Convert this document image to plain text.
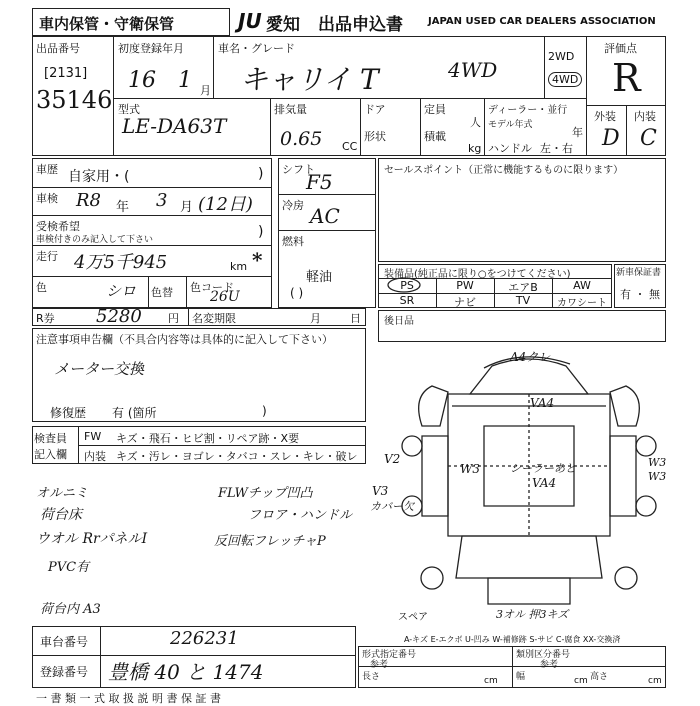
車内保管・守衛保管	JU 愛知 出品申込書	JAPAN USED CAR DEALERS ASSOCIATION
出品番号
[2131]
35146
初度登録年月
16 1 月
車名・グレード
キャリイ T	4WD
2WD
4WD
評価点
R
型式
LE-DA63T
排気量
0.65 CC
ドア
形状
定員
人
積載
kg
ディーラー・並行
モデル年式
年
ハンドル 左・右
外装 内装
D C
車歴 自家用・(	)
車検 R8 年 3 月 (12日)
受検希望
車検付きのみ記入して下さい	)
走行 4万5千945	km *
色	シロ 色替 色コード
26U
R券 5280 円 名変期限	月	日
シフト
F5
冷房 AC
燃料
軽油
( )
セールスポイント（正常に機能するものに限ります）
装備品(純正品に限り○をつけてください)
PS	PW	エアB	AW
SR	ナビ	TV	カワシート
新車保証書
有 ・ 無
注意事項申告欄（不具合内容等は具体的に記入して下さい）
メーター交換
修復歴 有 (箇所	)
後日品
検査員
記入欄
FW キズ・飛石・ヒビ割・リペア跡・X要
内装 キズ・汚レ・ヨゴレ・タバコ・スレ・キレ・破レ
オルニミ
荷台床
ウオル RrパネルI
PVC有
FLWチップ凹凸
フロア・ハンドル
反回転フレッチャP
V3
カバー欠
荷台内 A3
A4クレ
VA4
V2
W3
VA4
W3
W3
シーラーあと
3オル 押3キズ
スペア
A-キズ E-エクボ U-凹み W-補修跡 S-サビ C-腐食 XX-交換済
車台番号	226231
登録番号 豊橋 40 と 1474
形式指定番号
参考
類別区分番号
参考
長さ	cm 幅	cm 高さ	cm
一 書 類 一 式 取 扱 説 明 書 保 証 書
